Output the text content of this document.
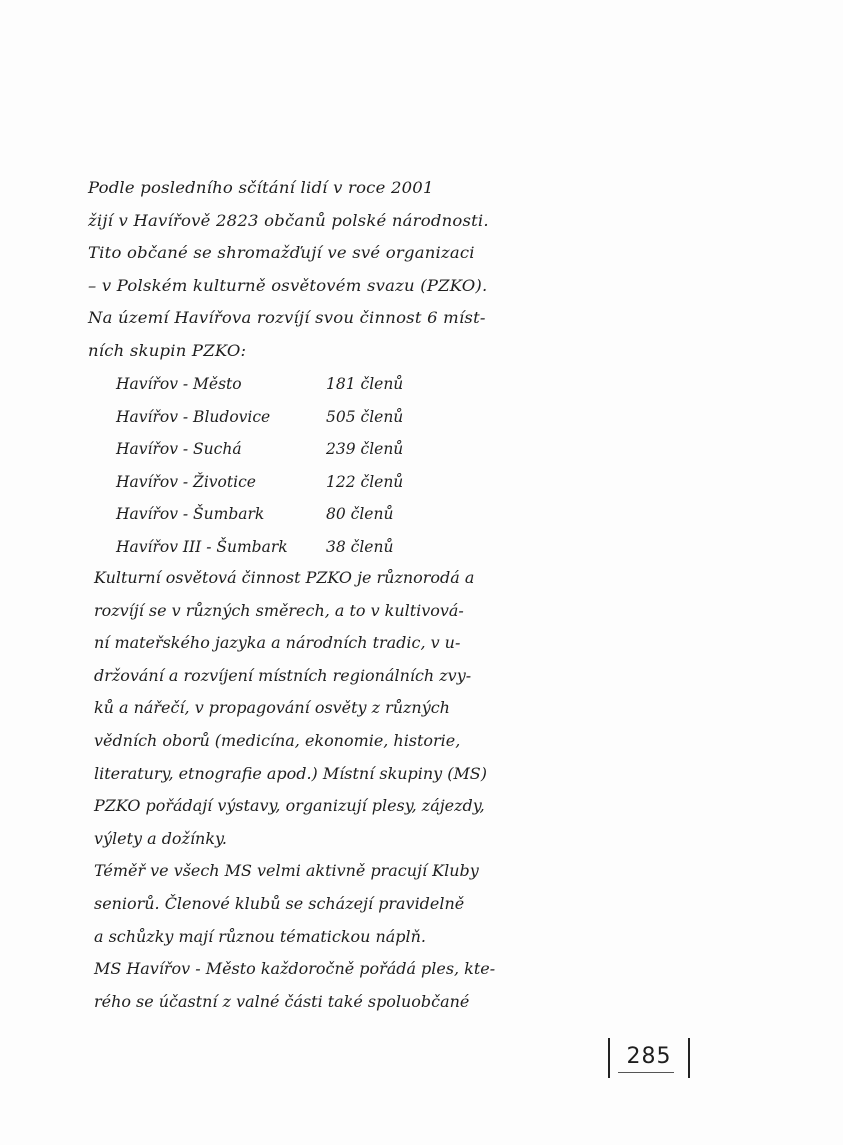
Podle posledního sčítání lidí v roce 2001
žijí v Havířově 2823 občanů polské národnosti.
Tito občané se shromažďují ve své organizaci
– v Polském kulturně osvětovém svazu (PZKO).
Na území Havířova rozvíjí svou činnost 6 míst-
ních skupin PZKO:
Havířov - Město	181 členů
Havířov - Bludovice	505 členů
Havířov - Suchá	239 členů
Havířov - Životice	122 členů
Havířov - Šumbark	80 členů
Havířov III - Šumbark 38 členů
Kulturní osvětová činnost PZKO je různorodá a
rozvíjí se v různých směrech, a to v kultivová-
ní mateřského jazyka a národních tradic, v u-
držování a rozvíjení místních regionálních zvy-
ků a nářečí, v propagování osvěty z různých
vědních oborů (medicína, ekonomie, historie,
literatury, etnografie apod.) Místní skupiny (MS)
PZKO pořádají výstavy, organizují plesy, zájezdy,
výlety a dožínky.
Téměř ve všech MS velmi aktivně pracují Kluby
seniorů. Členové klubů se scházejí pravidelně
a schůzky mají různou tématickou náplň.
MS Havířov - Město každoročně pořádá ples, kte-
rého se účastní z valné části také spoluobčané
285
